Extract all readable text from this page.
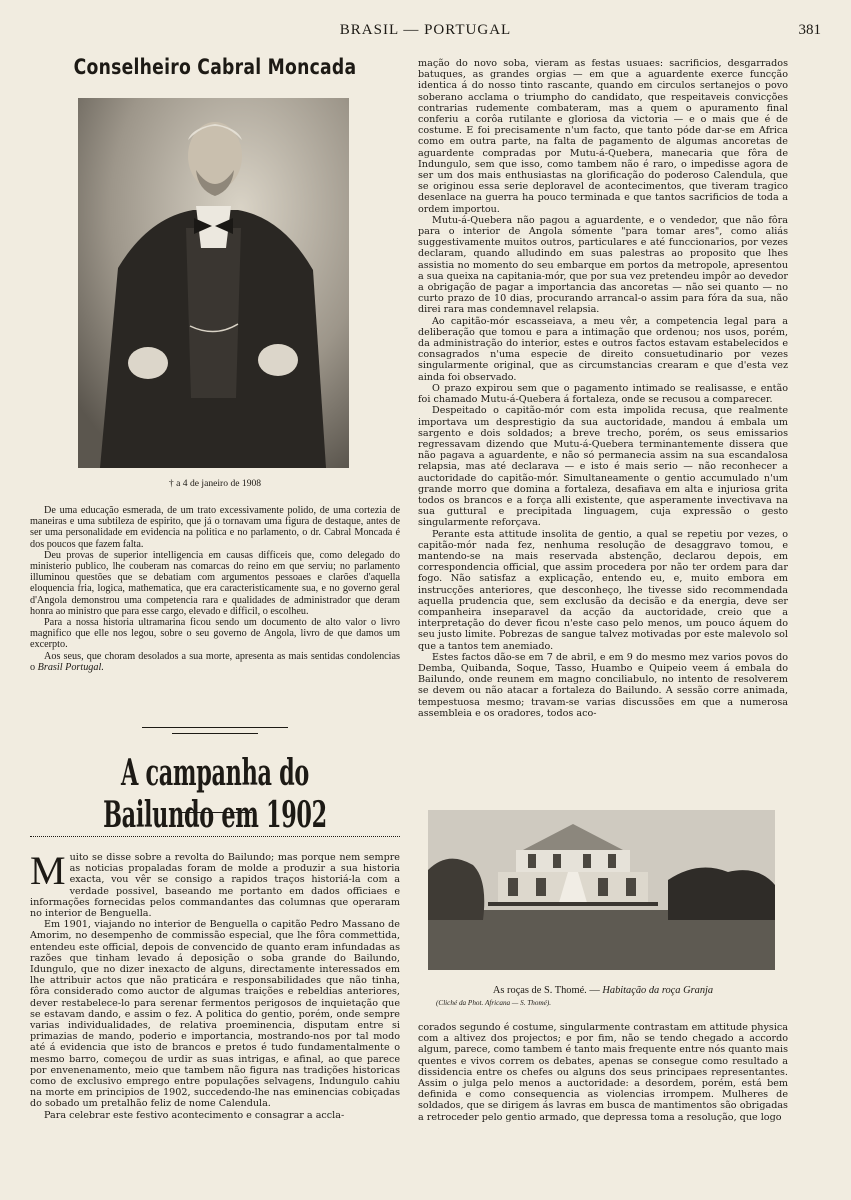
BRASIL — PORTUGAL	381
Conselheiro Cabral Moncada
† a 4 de janeiro de 1908

De uma educação esmerada, de um trato excessivamente polido, de uma cortezia de maneiras e uma subtileza de espirito, que já o tornavam uma figura de destaque, antes de ser uma personalidade em evidencia na politica e no parlamento, o dr. Cabral Moncada é dos poucos que fazem falta.

Deu provas de superior intelligencia em causas difficeis que, como delegado do ministerio publico, lhe couberam nas comarcas do reino em que serviu; no parlamento illuminou questões que se debatiam com argumentos pessoaes e clarões d'aquella eloquencia fria, logica, mathematica, que era caracteristicamente sua, e no governo geral d'Angola demonstrou uma competencia rara e qualidades de administrador que deram honra ao ministro que para esse cargo, elevado e difficil, o escolheu.

Para a nossa historia ultramarina ficou sendo um documento de alto valor o livro magnifico que elle nos legou, sobre o seu governo de Angola, livro de que damos um excerpto.

Aos seus, que choram desolados a sua morte, apresenta as mais sentidas condolencias o Brasil Portugal.

A campanha do Bailundo em 1902

Muito se disse sobre a revolta do Bailundo; mas porque nem sempre as noticias propaladas foram de molde a produzir a sua historia exacta, vou vêr se consigo a rapidos traços historiá-la com a verdade possivel, baseando me portanto em dados officiaes e informações fornecidas pelos commandantes das columnas que operaram no interior de Benguella.

Em 1901, viajando no interior de Benguella o capitão Pedro Massano de Amorim, no desempenho de commissão especial, que lhe fôra commettida, entendeu este official, depois de convencido de quanto eram infundadas as razões que tinham levado á deposição o soba grande do Bailundo, Idungulo, que no dizer inexacto de alguns, directamente interessados em lhe attribuir actos que não praticára e responsabilidades que não tinha, fôra considerado como auctor de algumas traições e rebeldias anteriores, dever restabelece-lo para serenar fermentos perigosos de inquietação que se estavam dando, e assim o fez. A politica do gentio, porém, onde sempre varias individualidades, de relativa proeminencia, disputam entre si primazias de mando, poderio e importancia, mostrando-nos por tal modo até á evidencia que isto de brancos e pretos é tudo fundamentalmente o mesmo barro, começou de urdir as suas intrigas, e afinal, ao que parece por envenenamento, meio que tambem não figura nas tradições historicas como de exclusivo emprego entre populações selvagens, Indungulo cahiu na morte em principios de 1902, succedendo-lhe nas eminencias cobiçadas do sobado um pretalhão feliz de nome Calendula.

Para celebrar este festivo acontecimento e consagrar a accla-

mação do novo soba, vieram as festas usuaes: sacrificios, desgarrados batuques, as grandes orgias — em que a aguardente exerce funcção identica á do nosso tinto rascante, quando em circulos sertanejos o povo soberano acclama o triumpho do candidato, que respeitaveis convicções contrarias rudemente combateram, mas a quem o apuramento final conferiu a corôa rutilante e gloriosa da victoria — e o mais que é de costume. E foi precisamente n'um facto, que tanto póde dar-se em Africa como em outra parte, na falta de pagamento de algumas ancoretas de aguardente compradas por Mutu-á-Quebera, manecaria que fôra de Indungulo, sem que isso, como tambem não é raro, o impedisse agora de ser um dos mais enthusiastas na glorificação do poderoso Calendula, que se originou essa serie deploravel de acontecimentos, que tiveram tragico desenlace na guerra ha pouco terminada e que tantos sacrificios de toda a ordem importou.

Mutu-á-Quebera não pagou a aguardente, e o vendedor, que não fôra para o interior de Angola sómente "para tomar ares", como aliás suggestivamente muitos outros, particulares e até funccionarios, por vezes declaram, quando alludindo em suas palestras ao proposito que lhes assistia no momento do seu embarque em portos da metropole, apresentou a sua queixa na capitania-mór, que por sua vez pretendeu impôr ao devedor a obrigação de pagar a importancia das ancoretas — não sei quanto — no curto prazo de 10 dias, procurando arrancal-o assim para fóra da sua, não direi rara mas condemnavel relapsia.

Ao capitão-mór escasseiava, a meu vêr, a competencia legal para a deliberação que tomou e para a intimação que ordenou; nos usos, porém, da administração do interior, estes e outros factos estavam estabelecidos e consagrados n'uma especie de direito consuetudinario por vezes singularmente original, que as circumstancias crearam e que d'esta vez ainda foi observado.

O prazo expirou sem que o pagamento intimado se realisasse, e então foi chamado Mutu-á-Quebera á fortaleza, onde se recusou a comparecer.

Despeitado o capitão-mór com esta impolida recusa, que realmente importava um desprestigio da sua auctoridade, mandou á embala um sargento e dois soldados; a breve trecho, porém, os seus emissarios regressavam dizendo que Mutu-á-Quebera terminantemente dissera que não pagava a aguardente, e não só permanecia assim na sua escandalosa relapsia, mas até declarava — e isto é mais serio — não reconhecer a auctoridade do capitão-mór. Simultaneamente o gentio accumulado n'um grande morro que domina a fortaleza, desafiava em alta e injuriosa grita todos os brancos e a força alli existente, que asperamente invectivava na sua guttural e precipitada linguagem, cuja expressão o gesto singularmente reforçava.

Perante esta attitude insolita de gentio, a qual se repetiu por vezes, o capitão-mór nada fez, nenhuma resolução de desaggravo tomou, e mantendo-se na mais reservada abstenção, declarou depois, em correspondencia official, que assim procedera por não ter ordem para dar fogo. Não satisfaz a explicação, entendo eu, e, muito embora em instrucções anteriores, que desconheço, lhe tivesse sido recommendada aquella prudencia que, sem exclusão da decisão e da energia, deve ser companheira inseparavel da acção da auctoridade, creio que a interpretação do dever ficou n'este caso pelo menos, um pouco áquem do seu justo limite. Pobrezas de sangue talvez motivadas por este malevolo sol que a tantos tem anemiado.

Estes factos dão-se em 7 de abril, e em 9 do mesmo mez varios povos do Demba, Quibanda, Soque, Tasso, Huambo e Quipeio veem á embala do Bailundo, onde reunem em magno conciliabulo, no intento de resolverem se devem ou não atacar a fortaleza do Bailundo. A sessão corre animada, tempestuosa mesmo; travam-se varias discussões em que a numerosa assembleia e os oradores, todos aco-

As roças de S. Thomé. — Habitação da roça Granja
(Cliché da Phot. Africana — S. Thomé).

corados segundo é costume, singularmente contrastam em attitude physica com a altivez dos projectos; e por fim, não se tendo chegado a accordo algum, parece, como tambem é tanto mais frequente entre nós quanto mais quentes e vivos correm os debates, apenas se consegue como resultado a dissidencia entre os chefes ou alguns dos seus principaes representantes. Assim o julga pelo menos a auctoridade: a desordem, porém, está bem definida e como consequencia as violencias irrompem. Mulheres de soldados, que se dirigem ás lavras em busca de mantimentos são obrigadas a retroceder pelo gentio armado, que depressa toma a resolução, que logo
